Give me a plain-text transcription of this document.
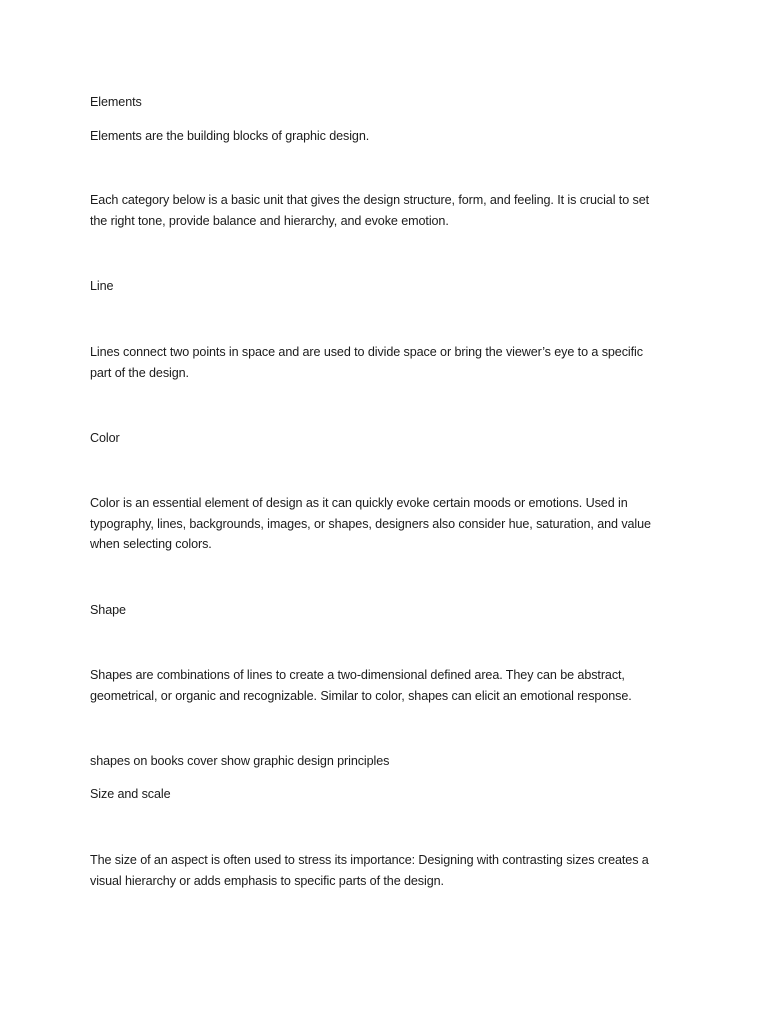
Elements

Elements are the building blocks of graphic design.

Each category below is a basic unit that gives the design structure, form, and feeling. It is crucial to set
the right tone, provide balance and hierarchy, and evoke emotion.

Line

Lines connect two points in space and are used to divide space or bring the viewer’s eye to a specific
part of the design.

Color

Color is an essential element of design as it can quickly evoke certain moods or emotions. Used in
typography, lines, backgrounds, images, or shapes, designers also consider hue, saturation, and value
when selecting colors.

Shape

Shapes are combinations of lines to create a two-dimensional defined area. They can be abstract,
geometrical, or organic and recognizable. Similar to color, shapes can elicit an emotional response.

shapes on books cover show graphic design principles

Size and scale

The size of an aspect is often used to stress its importance: Designing with contrasting sizes creates a
visual hierarchy or adds emphasis to specific parts of the design.
